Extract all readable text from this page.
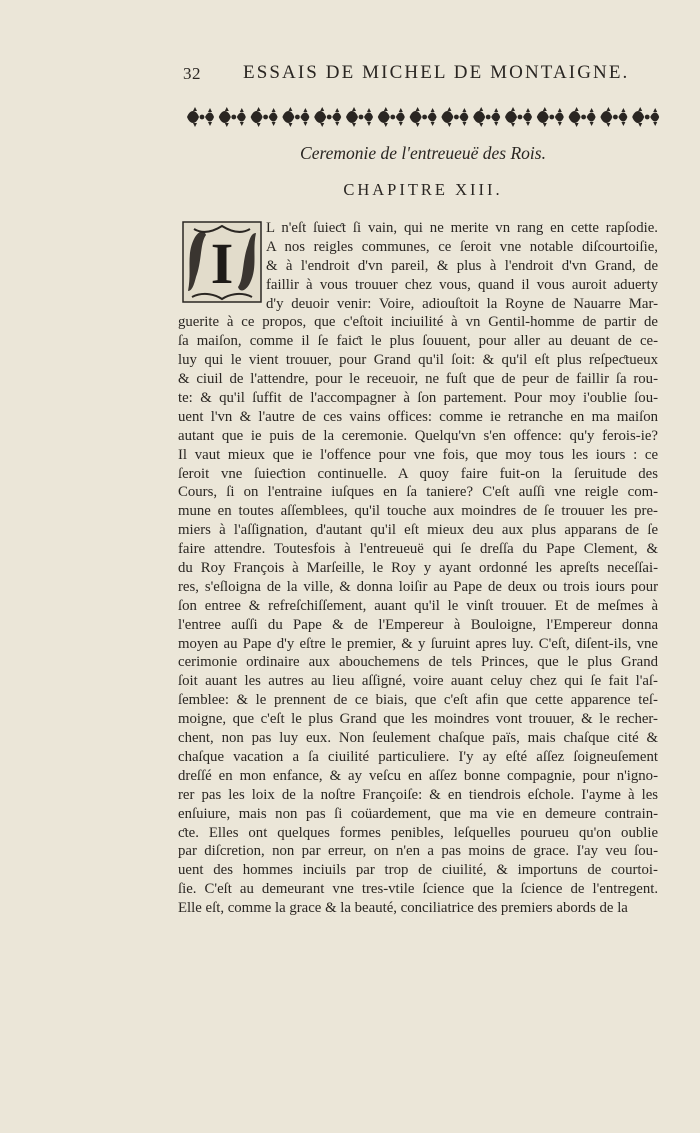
32 ESSAIS DE MICHEL DE MONTAIGNE.
Ceremonie de l'entreueuë des Rois.
CHAPITRE XIII.
I
L n'eſt ſuieƈt ſi vain, qui ne merite vn rang en cette rapſodie.
A nos reigles communes, ce ſeroit vne notable diſcourtoiſie,
& à l'endroit d'vn pareil, & plus à l'endroit d'vn Grand, de
faillir à vous trouuer chez vous, quand il vous auroit aduerty
d'y deuoir venir: Voire, adiouſtoit la Royne de Nauarre Mar-
guerite à ce propos, que c'eſtoit inciuilité à vn Gentil-homme de partir de
ſa maiſon, comme il ſe faiƈt le plus ſouuent, pour aller au deuant de ce-
luy qui le vient trouuer, pour Grand qu'il ſoit: & qu'il eſt plus reſpeƈtueux
& ciuil de l'attendre, pour le receuoir, ne fuſt que de peur de faillir ſa rou-
te: & qu'il ſuffit de l'accompagner à ſon partement. Pour moy i'oublie ſou-
uent l'vn & l'autre de ces vains offices: comme ie retranche en ma maiſon
autant que ie puis de la ceremonie. Quelqu'vn s'en offence: qu'y ferois-ie?
Il vaut mieux que ie l'offence pour vne fois, que moy tous les iours : ce
ſeroit vne ſuieƈtion continuelle. A quoy faire fuit-on la ſeruitude des
Cours, ſi on l'entraine iuſques en ſa taniere? C'eſt auſſi vne reigle com-
mune en toutes aſſemblees, qu'il touche aux moindres de ſe trouuer les pre-
miers à l'aſſignation, d'autant qu'il eſt mieux deu aux plus apparans de ſe
faire attendre. Toutesfois à l'entreueuë qui ſe dreſſa du Pape Clement, &
du Roy François à Marſeille, le Roy y ayant ordonné les apreſts neceſſai-
res, s'eſloigna de la ville, & donna loiſir au Pape de deux ou trois iours pour
ſon entree & refreſchiſſement, auant qu'il le vinſt trouuer. Et de meſmes à
l'entree auſſi du Pape & de l'Empereur à Bouloigne, l'Empereur donna
moyen au Pape d'y eſtre le premier, & y ſuruint apres luy. C'eſt, diſent-ils, vne
cerimonie ordinaire aux abouchemens de tels Princes, que le plus Grand
ſoit auant les autres au lieu aſſigné, voire auant celuy chez qui ſe fait l'aſ-
ſemblee: & le prennent de ce biais, que c'eſt afin que cette apparence teſ-
moigne, que c'eſt le plus Grand que les moindres vont trouuer, & le recher-
chent, non pas luy eux. Non ſeulement chaſque païs, mais chaſque cité &
chaſque vacation a ſa ciuilité particuliere. I'y ay eſté aſſez ſoigneuſement
dreſſé en mon enfance, & ay veſcu en aſſez bonne compagnie, pour n'igno-
rer pas les loix de la noſtre Françoiſe: & en tiendrois eſchole. I'ayme à les
enſuiure, mais non pas ſi coüardement, que ma vie en demeure contrain-
ƈte. Elles ont quelques formes penibles, leſquelles pourueu qu'on oublie
par diſcretion, non par erreur, on n'en a pas moins de grace. I'ay veu ſou-
uent des hommes inciuils par trop de ciuilité, & importuns de courtoi-
ſie. C'eſt au demeurant vne tres-vtile ſcience que la ſcience de l'entregent.
Elle eſt, comme la grace & la beauté, conciliatrice des premiers abords de la
